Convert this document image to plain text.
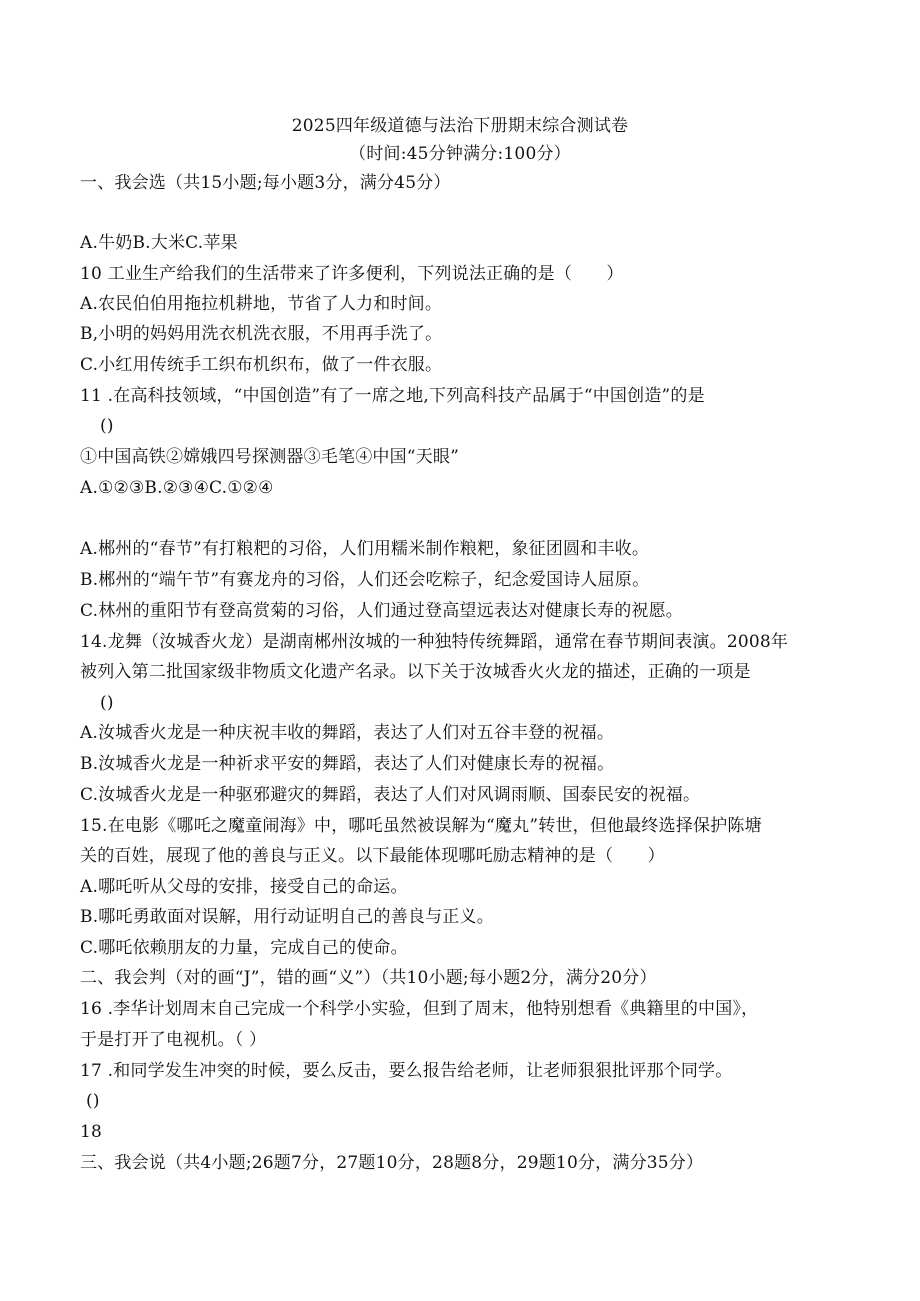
2025四年级道德与法治下册期末综合测试卷
（时间:45分钟满分:100分）
一、我会选（共15小题;每小题3分，满分45分）
A.牛奶B.大米C.苹果
10 工业生产给我们的生活带来了许多便利，下列说法正确的是（　　）
A.农民伯伯用拖拉机耕地，节省了人力和时间。
B,小明的妈妈用洗衣机洗衣服，不用再手洗了。
C.小红用传统手工织布机织布，做了一件衣服。
11 .在高科技领域，“中国创造”有了一席之地,下列高科技产品属于“中国创造”的是
()
①中国高铁②嫦娥四号探测器③毛笔④中国“天眼”
A.①②③B.②③④C.①②④
A.郴州的“春节”有打粮粑的习俗，人们用糯米制作粮粑，象征团圆和丰收。
B.郴州的“端午节”有赛龙舟的习俗，人们还会吃粽子，纪念爱国诗人屈原。
C.林州的重阳节有登高赏菊的习俗，人们通过登高望远表达对健康长寿的祝愿。
14.龙舞（汝城香火龙）是湖南郴州汝城的一种独特传统舞蹈，通常在春节期间表演。2008年
被列入第二批国家级非物质文化遗产名录。以下关于汝城香火火龙的描述，正确的一项是
()
A.汝城香火龙是一种庆祝丰收的舞蹈，表达了人们对五谷丰登的祝福。
B.汝城香火龙是一种祈求平安的舞蹈，表达了人们对健康长寿的祝福。
C.汝城香火龙是一种驱邪避灾的舞蹈，表达了人们对风调雨顺、国泰民安的祝福。
15.在电影《哪吒之魔童闹海》中，哪吒虽然被误解为“魔丸”转世，但他最终选择保护陈塘
关的百姓，展现了他的善良与正义。以下最能体现哪吒励志精神的是（　　）
A.哪吒听从父母的安排，接受自己的命运。
B.哪吒勇敢面对误解，用行动证明自己的善良与正义。
C.哪吒依赖朋友的力量，完成自己的使命。
二、我会判（对的画“J”，错的画“义”）（共10小题;每小题2分，满分20分）
16 .李华计划周末自己完成一个科学小实验，但到了周末，他特别想看《典籍里的中国》，
于是打开了电视机。（ ）
17 .和同学发生冲突的时候，要么反击，要么报告给老师，让老师狠狠批评那个同学。
()
18
三、我会说（共4小题;26题7分，27题10分，28题8分，29题10分，满分35分）
